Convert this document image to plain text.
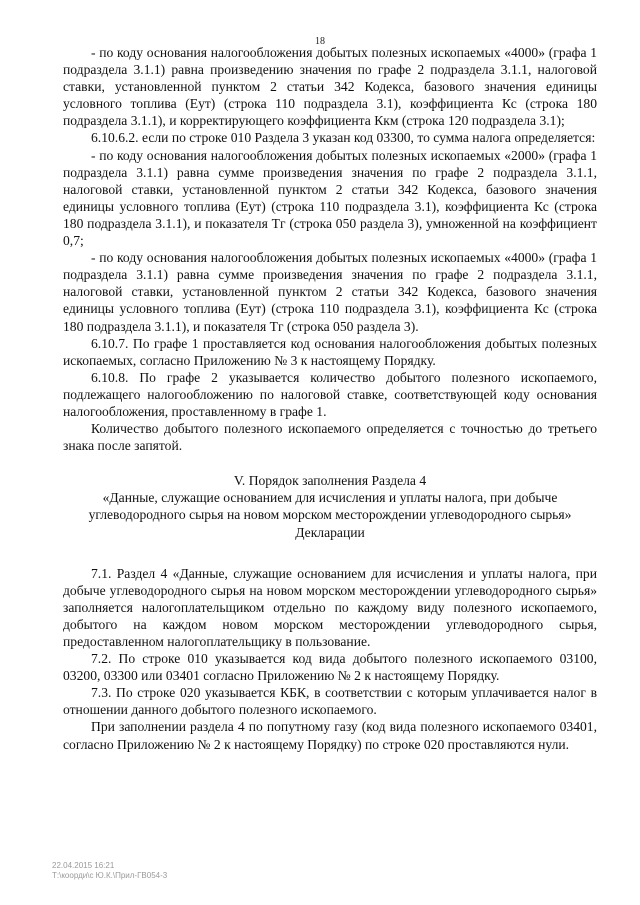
18

- по коду основания налогообложения добытых полезных ископаемых «4000» (графа 1 подраздела 3.1.1) равна произведению значения по графе 2 подраздела 3.1.1, налоговой ставки, установленной пунктом 2 статьи 342 Кодекса, базового значения единицы условного топлива (Еут) (строка 110 подраздела 3.1), коэффициента Кс (строка 180 подраздела 3.1.1), и корректирующего коэффициента Ккм (строка 120 подраздела 3.1);

6.10.6.2. если по строке 010 Раздела 3 указан код 03300, то сумма налога определяется:

- по коду основания налогообложения добытых полезных ископаемых «2000» (графа 1 подраздела 3.1.1) равна сумме произведения значения по графе 2 подраздела 3.1.1, налоговой ставки, установленной пунктом 2 статьи 342 Кодекса, базового значения единицы условного топлива (Еут) (строка 110 подраздела 3.1), коэффициента Кс (строка 180 подраздела 3.1.1), и показателя Тг (строка 050 раздела 3), умноженной на коэффициент 0,7;

- по коду основания налогообложения добытых полезных ископаемых «4000» (графа 1 подраздела 3.1.1) равна сумме произведения значения по графе 2 подраздела 3.1.1, налоговой ставки, установленной пунктом 2 статьи 342 Кодекса, базового значения единицы условного топлива (Еут) (строка 110 подраздела 3.1), коэффициента Кс (строка 180 подраздела 3.1.1), и показателя Тг (строка 050 раздела 3).

6.10.7. По графе 1 проставляется код основания налогообложения добытых полезных ископаемых, согласно Приложению № 3 к настоящему Порядку.

6.10.8. По графе 2 указывается количество добытого полезного ископаемого, подлежащего налогообложению по налоговой ставке, соответствующей коду основания налогообложения, проставленному в графе 1.

Количество добытого полезного ископаемого определяется с точностью до третьего знака после запятой.

V. Порядок заполнения Раздела 4

«Данные, служащие основанием для исчисления и уплаты налога, при добыче углеводородного сырья на новом морском месторождении углеводородного сырья» Декларации

7.1. Раздел 4 «Данные, служащие основанием для исчисления и уплаты налога, при добыче углеводородного сырья на новом морском месторождении углеводородного сырья» заполняется налогоплательщиком отдельно по каждому виду полезного ископаемого, добытого на каждом новом морском месторождении углеводородного сырья, предоставленном налогоплательщику в пользование.

7.2. По строке 010 указывается код вида добытого полезного ископаемого 03100, 03200, 03300 или 03401 согласно Приложению № 2 к настоящему Порядку.

7.3. По строке 020 указывается КБК, в соответствии с которым уплачивается налог в отношении данного добытого полезного ископаемого.

При заполнении раздела 4 по попутному газу (код вида полезного ископаемого 03401, согласно Приложению № 2 к настоящему Порядку) по строке 020 проставляются нули.

22.04.2015 16:21
Т:\коорди\с Ю.К.\Прил-ГВ054-3
